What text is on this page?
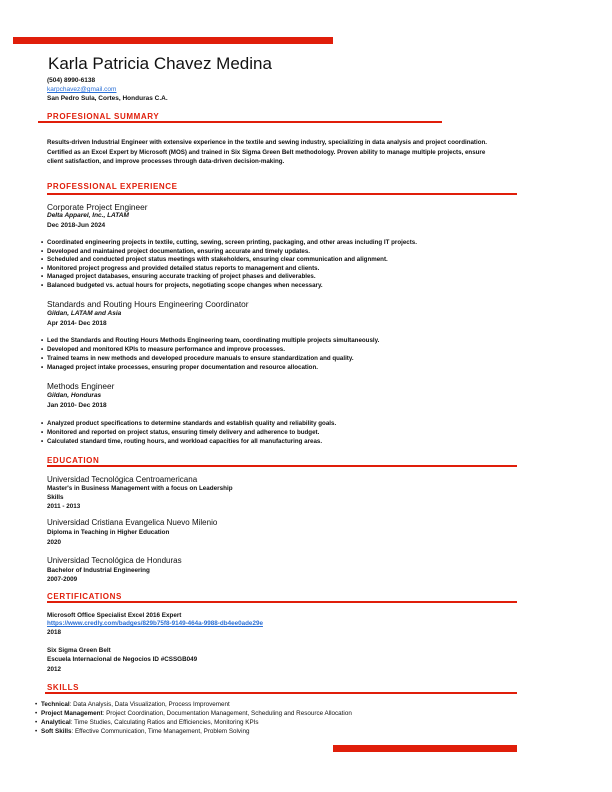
Karla Patricia Chavez Medina
(504) 8990-6138
karpchavez@gmail.com
San Pedro Sula, Cortes, Honduras C.A.
PROFESIONAL SUMMARY
Results-driven Industrial Engineer with extensive experience in the textile and sewing industry, specializing in data analysis and project coordination.
Certified as an Excel Expert by Microsoft (MOS) and trained in Six Sigma Green Belt methodology. Proven ability to manage multiple projects, ensure
client satisfaction, and improve processes through data-driven decision-making.
PROFESSIONAL EXPERIENCE
Corporate Project Engineer
Delta Apparel, Inc., LATAM
Dec 2018-Jun 2024
• Coordinated engineering projects in textile, cutting, sewing, screen printing, packaging, and other areas including IT projects.
• Developed and maintained project documentation, ensuring accurate and timely updates.
• Scheduled and conducted project status meetings with stakeholders, ensuring clear communication and alignment.
• Monitored project progress and provided detailed status reports to management and clients.
• Managed project databases, ensuring accurate tracking of project phases and deliverables.
• Balanced budgeted vs. actual hours for projects, negotiating scope changes when necessary.
Standards and Routing Hours Engineering Coordinator
Gildan, LATAM and Asia
Apr 2014- Dec 2018
• Led the Standards and Routing Hours Methods Engineering team, coordinating multiple projects simultaneously.
• Developed and monitored KPIs to measure performance and improve processes.
• Trained teams in new methods and developed procedure manuals to ensure standardization and quality.
• Managed project intake processes, ensuring proper documentation and resource allocation.
Methods Engineer
Gildan, Honduras
Jan 2010- Dec 2018
• Analyzed product specifications to determine standards and establish quality and reliability goals.
• Monitored and reported on project status, ensuring timely delivery and adherence to budget.
• Calculated standard time, routing hours, and workload capacities for all manufacturing areas.
EDUCATION
Universidad Tecnológica Centroamericana
Master's in Business Management with a focus on Leadership
Skills
2011 - 2013
Universidad Cristiana Evangelica Nuevo Milenio
Diploma in Teaching in Higher Education
2020
Universidad Tecnológica de Honduras
Bachelor of Industrial Engineering
2007-2009
CERTIFICATIONS
Microsoft Office Specialist Excel 2016 Expert
https://www.credly.com/badges/829b75f8-9149-464a-9988-db4ee0ade29e
2018
Six Sigma Green Belt
Escuela Internacional de Negocios ID #CSSGB049
2012
SKILLS
• Technical: Data Analysis, Data Visualization, Process Improvement
• Project Management: Project Coordination, Documentation Management, Scheduling and Resource Allocation
• Analytical: Time Studies, Calculating Ratios and Efficiencies, Monitoring KPIs
• Soft Skills: Effective Communication, Time Management, Problem Solving
